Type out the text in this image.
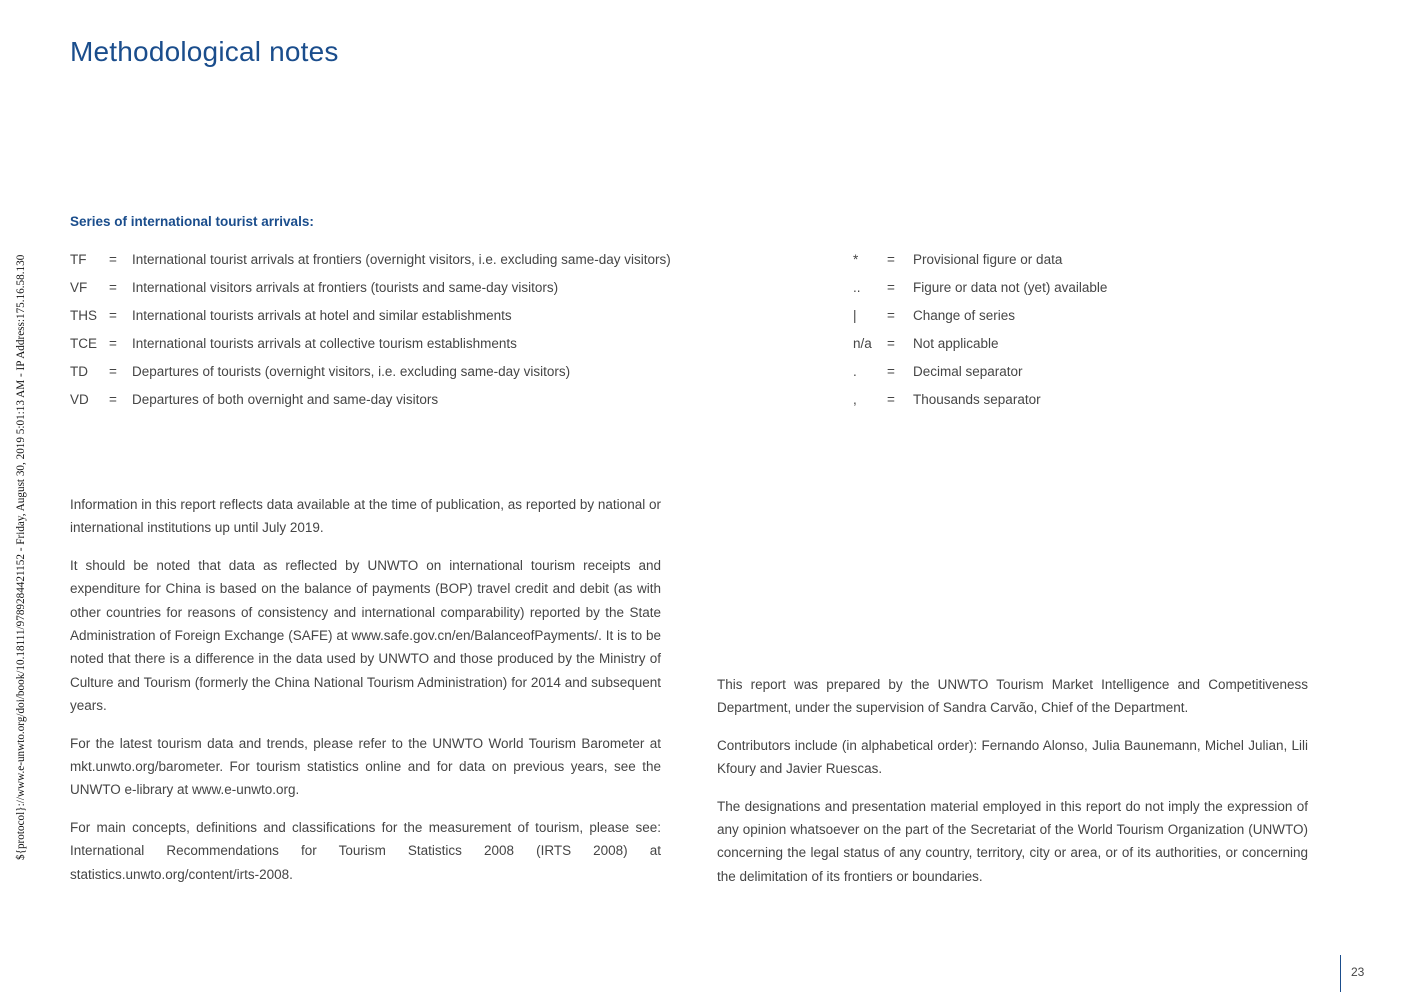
${protocol}://www.e-unwto.org/doi/book/10.18111/9789284421152 - Friday, August 30, 2019 5:01:13 AM - IP Address:175.16.58.130
Methodological notes
Series of international tourist arrivals:
TF = International tourist arrivals at frontiers (overnight visitors, i.e. excluding same-day visitors)
VF = International visitors arrivals at frontiers (tourists and same-day visitors)
THS = International tourists arrivals at hotel and similar establishments
TCE = International tourists arrivals at collective tourism establishments
TD = Departures of tourists (overnight visitors, i.e. excluding same-day visitors)
VD = Departures of both overnight and same-day visitors
* = Provisional figure or data
.. = Figure or data not (yet) available
| = Change of series
n/a = Not applicable
. = Decimal separator
, = Thousands separator

Information in this report reflects data available at the time of publication, as reported by national or international institutions up until July 2019.

It should be noted that data as reflected by UNWTO on international tourism receipts and expenditure for China is based on the balance of payments (BOP) travel credit and debit (as with other countries for reasons of consistency and international comparability) reported by the State Administration of Foreign Exchange (SAFE) at www.safe.gov.cn/en/BalanceofPayments/. It is to be noted that there is a difference in the data used by UNWTO and those produced by the Ministry of Culture and Tourism (formerly the China National Tourism Administration) for 2014 and subsequent years.

For the latest tourism data and trends, please refer to the UNWTO World Tourism Barometer at mkt.unwto.org/barometer. For tourism statistics online and for data on previous years, see the UNWTO e-library at www.e-unwto.org.

For main concepts, definitions and classifications for the measurement of tourism, please see: International Recommendations for Tourism Statistics 2008 (IRTS 2008) at statistics.unwto.org/content/irts-2008.

This report was prepared by the UNWTO Tourism Market Intelligence and Competitiveness Department, under the supervision of Sandra Carvão, Chief of the Department.

Contributors include (in alphabetical order): Fernando Alonso, Julia Baunemann, Michel Julian, Lili Kfoury and Javier Ruescas.

The designations and presentation material employed in this report do not imply the expression of any opinion whatsoever on the part of the Secretariat of the World Tourism Organization (UNWTO) concerning the legal status of any country, territory, city or area, or of its authorities, or concerning the delimitation of its frontiers or boundaries.

23
